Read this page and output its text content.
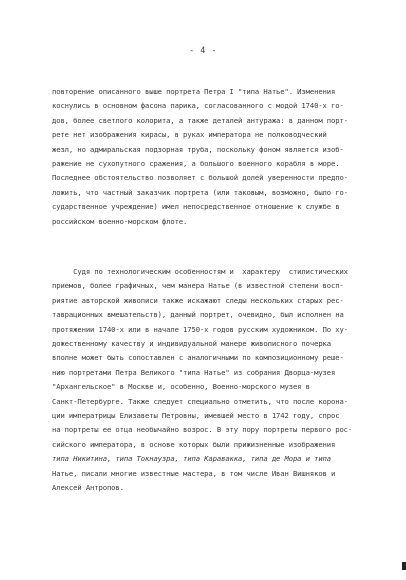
- 4 -
повторение описанного выше портрета Петра I "типа Натье". Изменения
коснулись в основном фасона парика, согласованного с модой 1740-х го-
дов, более светлого колорита, а также деталей антуража: в данном порт-
рете нет изображения кирасы, в руках императора не полководческий
жезл, но адмиральская подзорная труба, поскольку фоном является изоб-
ражение не сухопутного сражения, а большого военного корабля в море.
Последнее обстоятельство позволяет с большой долей уверенности предпо-
ложить, что частный заказчик портрета (или таковым, возможно, было го-
сударственное учреждение) имел непосредственное отношение к службе в
российском военно-морском флоте.
Судя по технологическим особенностям и  характеру  стилистических
приемов, более графичных, чем манера Натье (в известной степени восп-
риятие авторской живописи также искажают следы нескольких старых рес-
таврационных вмешательств), данный портрет, очевидно, был исполнен на
протяжении 1740-х или в начале 1750-х годов русским художником. По ху-
дожественному качеству и индивидуальной манере живописного почерка
вполне может быть сопоставлен с аналогичными по композиционному реше-
нию портретами Петра Великого "типа Натье" из собрания Дворца-музея
"Архангельское" в Москве и, особенно, Военно-морского музея в
Санкт-Петербурге. Также следует специально отметить, что после корона-
ции императрицы Елизаветы Петровны, имевшей место в 1742 году, спрос
на портреты ее отца необычайно возрос. В эту пору портреты первого рос-
сийского императора, в основе которых были прижизненные изображения
типа Никитина, типа Токнаузра, типа Каравакка, типа де Моpa и типа
Натье, писали многие известные мастера, в том числе Иван Вишняков и
Алексей Антропов.
